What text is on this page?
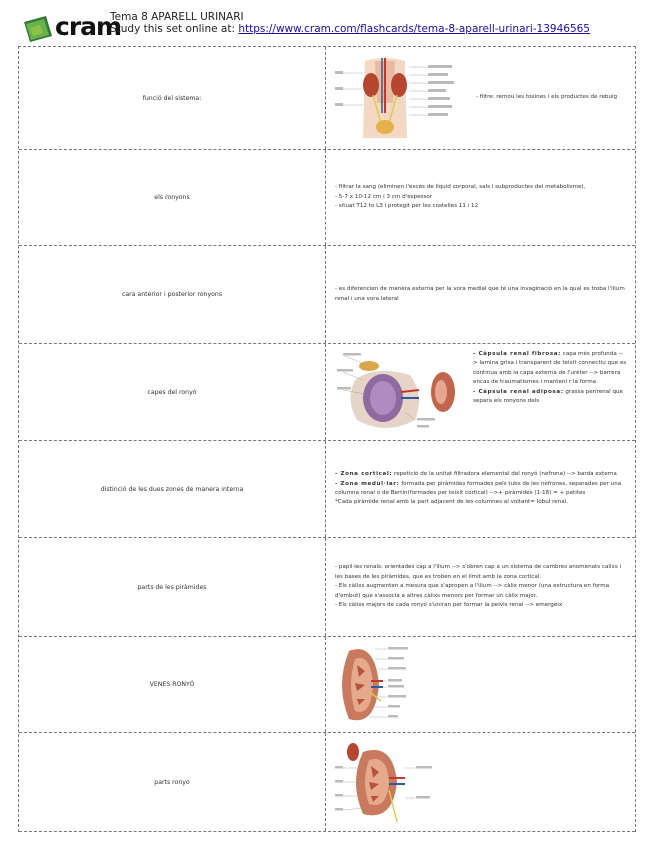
cram
Tema 8 APARELL URINARI
Study this set online at: https://www.cram.com/flashcards/tema-8-aparell-urinari-13946565
funció del sistema:	- filtre: remou les toxines i els productes de rebuig
els ronyons
- filtrar la sang (eliminen l'excés de líquid corporal, sals i subproductes del metabolisme),
- 5-7 x 10-12 cm i 3 cm d'espessor
- situat T12 to L3 i protegit per les costelles 11 i 12
cara anterior i posterior ronyons
- es diferencien de manera externa per la vora medial que té una invaginació en la qual es troba l'ilium renal i una vora lateral
capes del ronyó
- Càpsula renal fibrosa: capa més profunda --> lamina grisa i transparent de teixit connectiu que es continua amb la capa externa de l'urèter --> barrera encas de traumatismes i manteni r la forma
- Càpsula renal adiposa: grassa perirenal que separa els ronyons dels
distinció de les dues zones de manera interna
- Zona cortical: repetició de la unitat filtradora elemental del ronyó (nefrona) --> barda externa
- Zona medul·lar: formada per piràmides formades pels tubs de les nefrones, separades per una columna renal o de Bertin(formades per teixit cortical) -->+ piràmides (1-18) = + petites
*Cada piràmide renal amb la part adjacent de les columnes al voltant= lòbul renal.
parts de les piràmides
- papil·les renals: orientades cap a l'ilium --> s'obren cap a un sistema de cambres anomenats calixs i les bases de les piràmides, que es troben en el límit amb la zona cortical.
- Els càlixs augmenten a mesura que s'apropen a l'ilium --> càlix menor (una estructura en forma d'embut) que s'associa a altres càlixs menors per formar un càlix major.
- Els càlixs majors de cada ronyó s'uniran per formar la pelvis renal --> emergeix
VENES RONYÓ
parts ronyo
